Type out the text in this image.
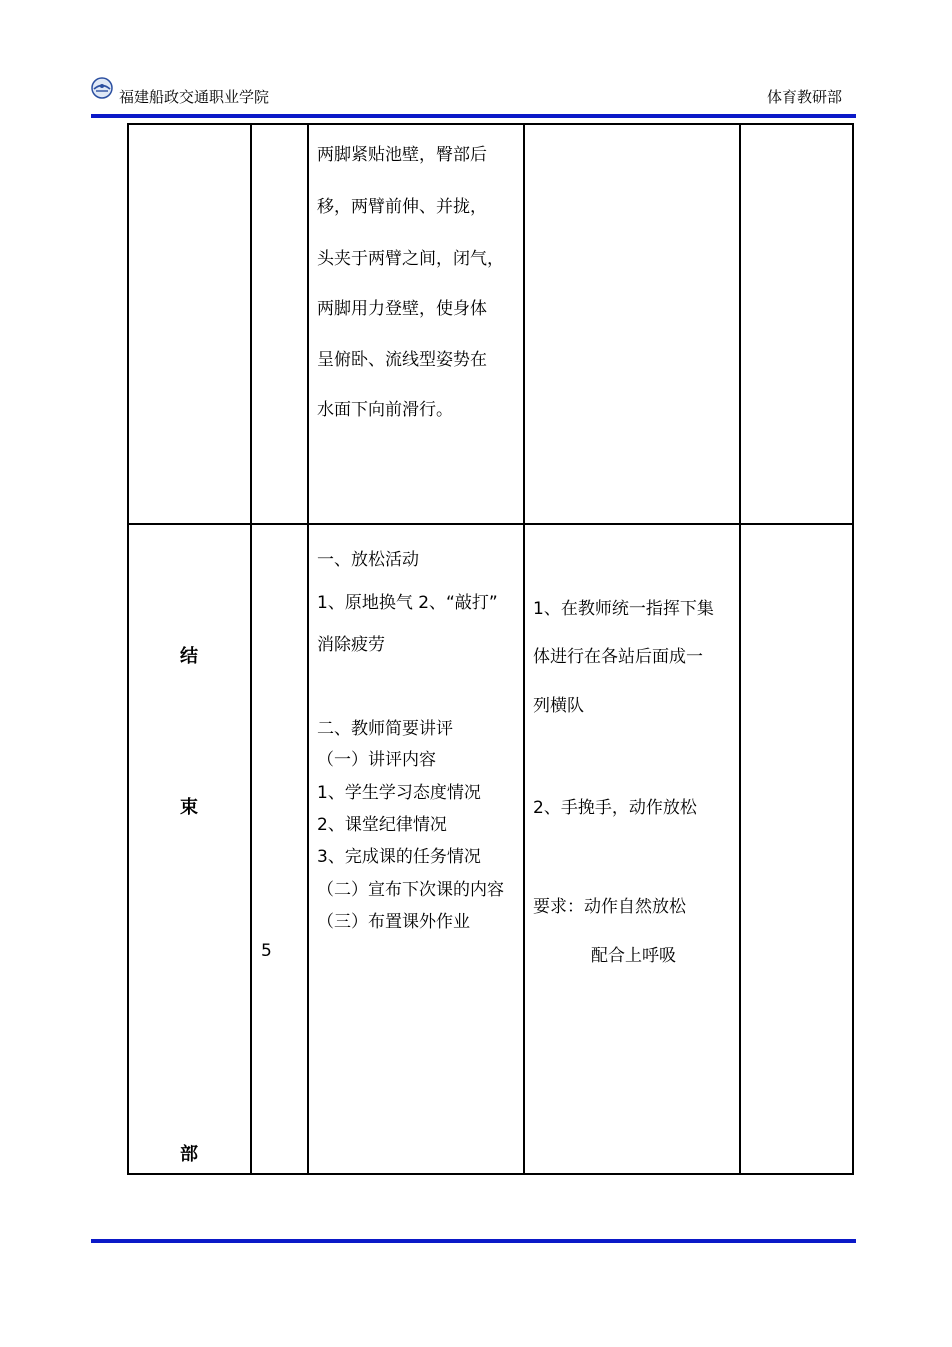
福建船政交通职业学院	体育教研部
两脚紧贴池壁，臀部后
移，两臂前伸、并拢，
头夹于两臂之间，闭气，
两脚用力登壁，使身体
呈俯卧、流线型姿势在
水面下向前滑行。
结
束
部
5
一、放松活动
1、原地换气 2、“敲打”
消除疲劳
二、教师简要讲评
（一）讲评内容
1、学生学习态度情况
2、课堂纪律情况
3、完成课的任务情况
（二）宣布下次课的内容
（三）布置课外作业
1、在教师统一指挥下集
体进行在各站后面成一
列横队
2、手挽手，动作放松
要求：动作自然放松
配合上呼吸
